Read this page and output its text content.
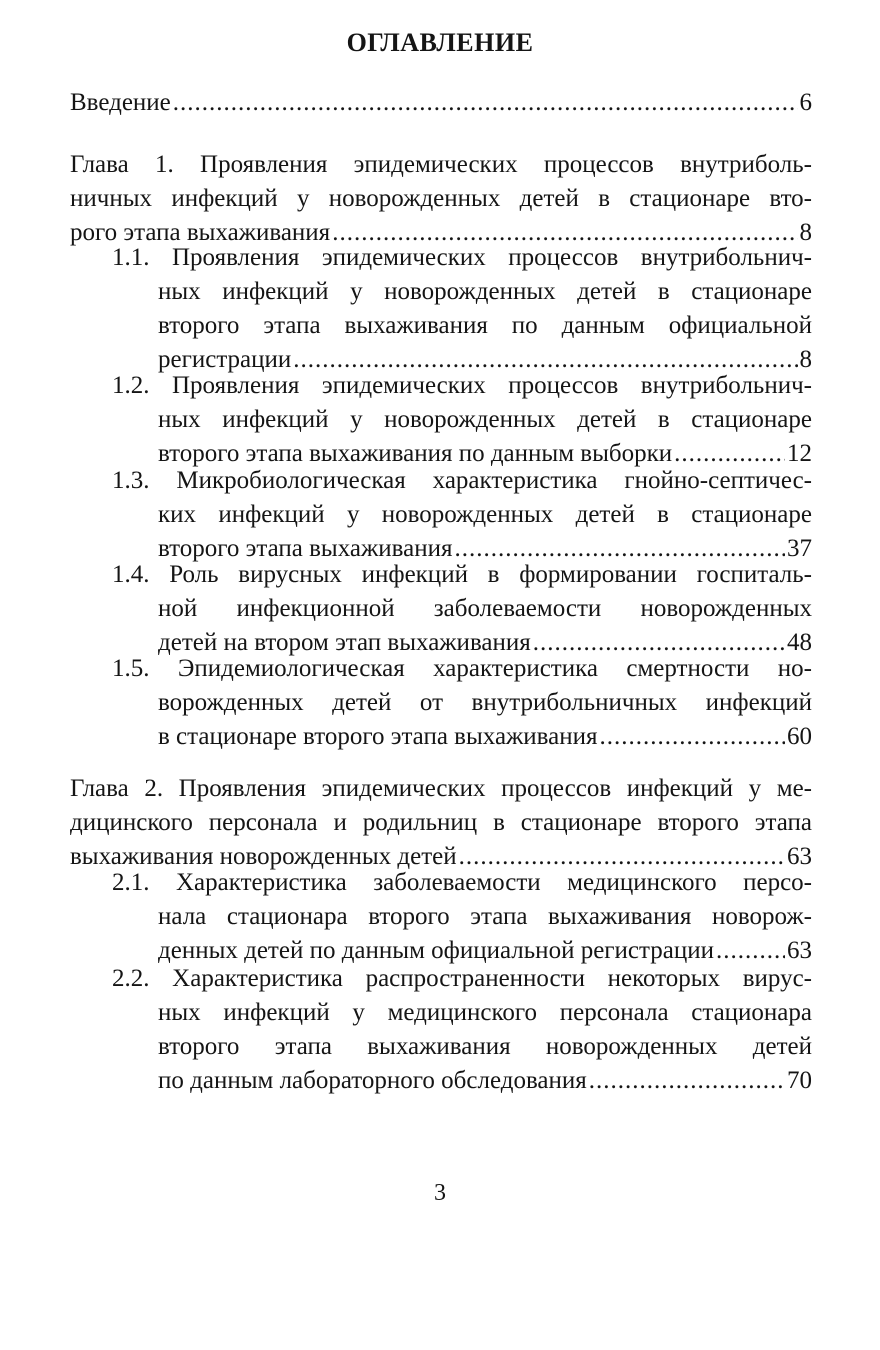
ОГЛАВЛЕНИЕ
Введение .....	6
Глава 1. Проявления эпидемических процессов внутриболь-
ничных инфекций у новорожденных детей в стационаре вто-
рого этапа выхаживания .....	8
1.1. Проявления эпидемических процессов внутрибольнич-
ных инфекций у новорожденных детей в стационаре
второго этапа выхаживания по данным официальной
регистрации .....	8
1.2. Проявления эпидемических процессов внутрибольнич-
ных инфекций у новорожденных детей в стационаре
второго этапа выхаживания по данным выборки .....	12
1.3. Микробиологическая характеристика гнойно-септичес-
ких инфекций у новорожденных детей в стационаре
второго этапа выхаживания .....	37
1.4. Роль вирусных инфекций в формировании госпиталь-
ной инфекционной заболеваемости новорожденных
детей на втором этап выхаживания .....	48
1.5. Эпидемиологическая характеристика смертности но-
ворожденных детей от внутрибольничных инфекций
в стационаре второго этапа выхаживания .....	60
Глава 2. Проявления эпидемических процессов инфекций у ме-
дицинского персонала и родильниц в стационаре второго этапа
выхаживания новорожденных детей .....	63
2.1. Характеристика заболеваемости медицинского персо-
нала стационара второго этапа выхаживания новорож-
денных детей по данным официальной регистрации .....	63
2.2. Характеристика распространенности некоторых вирус-
ных инфекций у медицинского персонала стационара
второго этапа выхаживания новорожденных детей
по данным лабораторного обследования .....	70
3
